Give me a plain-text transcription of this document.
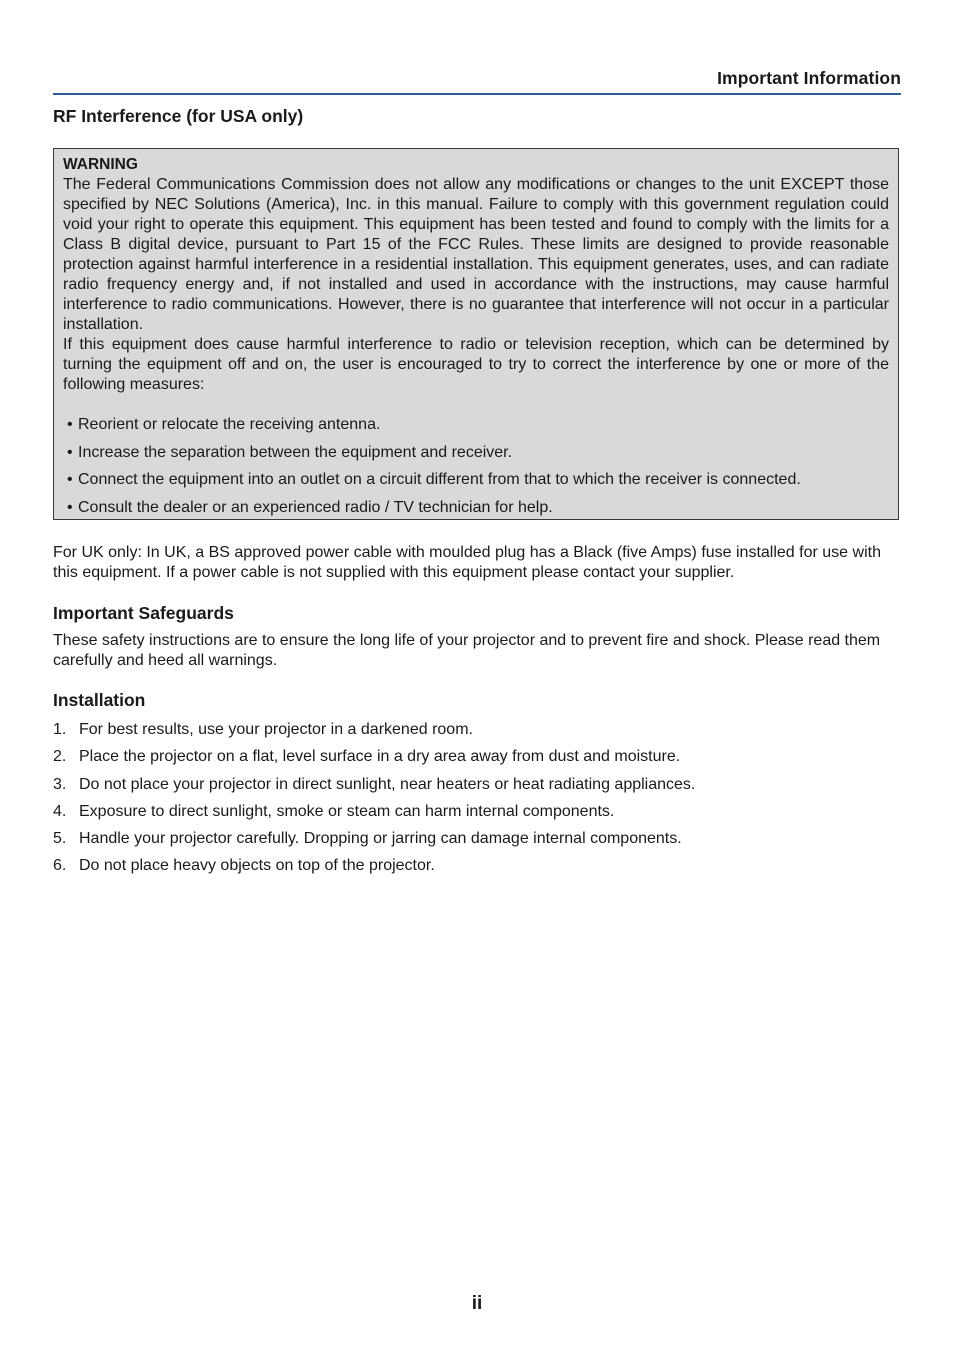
Important Information
RF Interference (for USA only)
WARNING

The Federal Communications Commission does not allow any modifications or changes to the unit EXCEPT those specified by NEC Solutions (America), Inc. in this manual. Failure to comply with this government regulation could void your right to operate this equipment. This equipment has been tested and found to comply with the limits for a Class B digital device, pursuant to Part 15 of the FCC Rules. These limits are designed to provide reasonable protection against harmful interference in a residential installation. This equipment generates, uses, and can radiate radio frequency energy and, if not installed and used in accordance with the instructions, may cause harmful interference to radio communications. However, there is no guarantee that interference will not occur in a particular installation.

If this equipment does cause harmful interference to radio or television reception, which can be determined by turning the equipment off and on, the user is encouraged to try to correct the interference by one or more of the following measures:

• Reorient or relocate the receiving antenna.
• Increase the separation between the equipment and receiver.
• Connect the equipment into an outlet on a circuit different from that to which the receiver is connected.
• Consult the dealer or an experienced radio / TV technician for help.

For UK only: In UK, a BS approved power cable with moulded plug has a Black (five Amps) fuse installed for use with this equipment. If a power cable is not supplied with this equipment please contact your supplier.

Important Safeguards

These safety instructions are to ensure the long life of your projector and to prevent fire and shock. Please read them carefully and heed all warnings.

Installation
1. For best results, use your projector in a darkened room.
2. Place the projector on a flat, level surface in a dry area away from dust and moisture.
3. Do not place your projector in direct sunlight, near heaters or heat radiating appliances.
4. Exposure to direct sunlight, smoke or steam can harm internal components.
5. Handle your projector carefully. Dropping or jarring can damage internal components.
6. Do not place heavy objects on top of the projector.
ii
